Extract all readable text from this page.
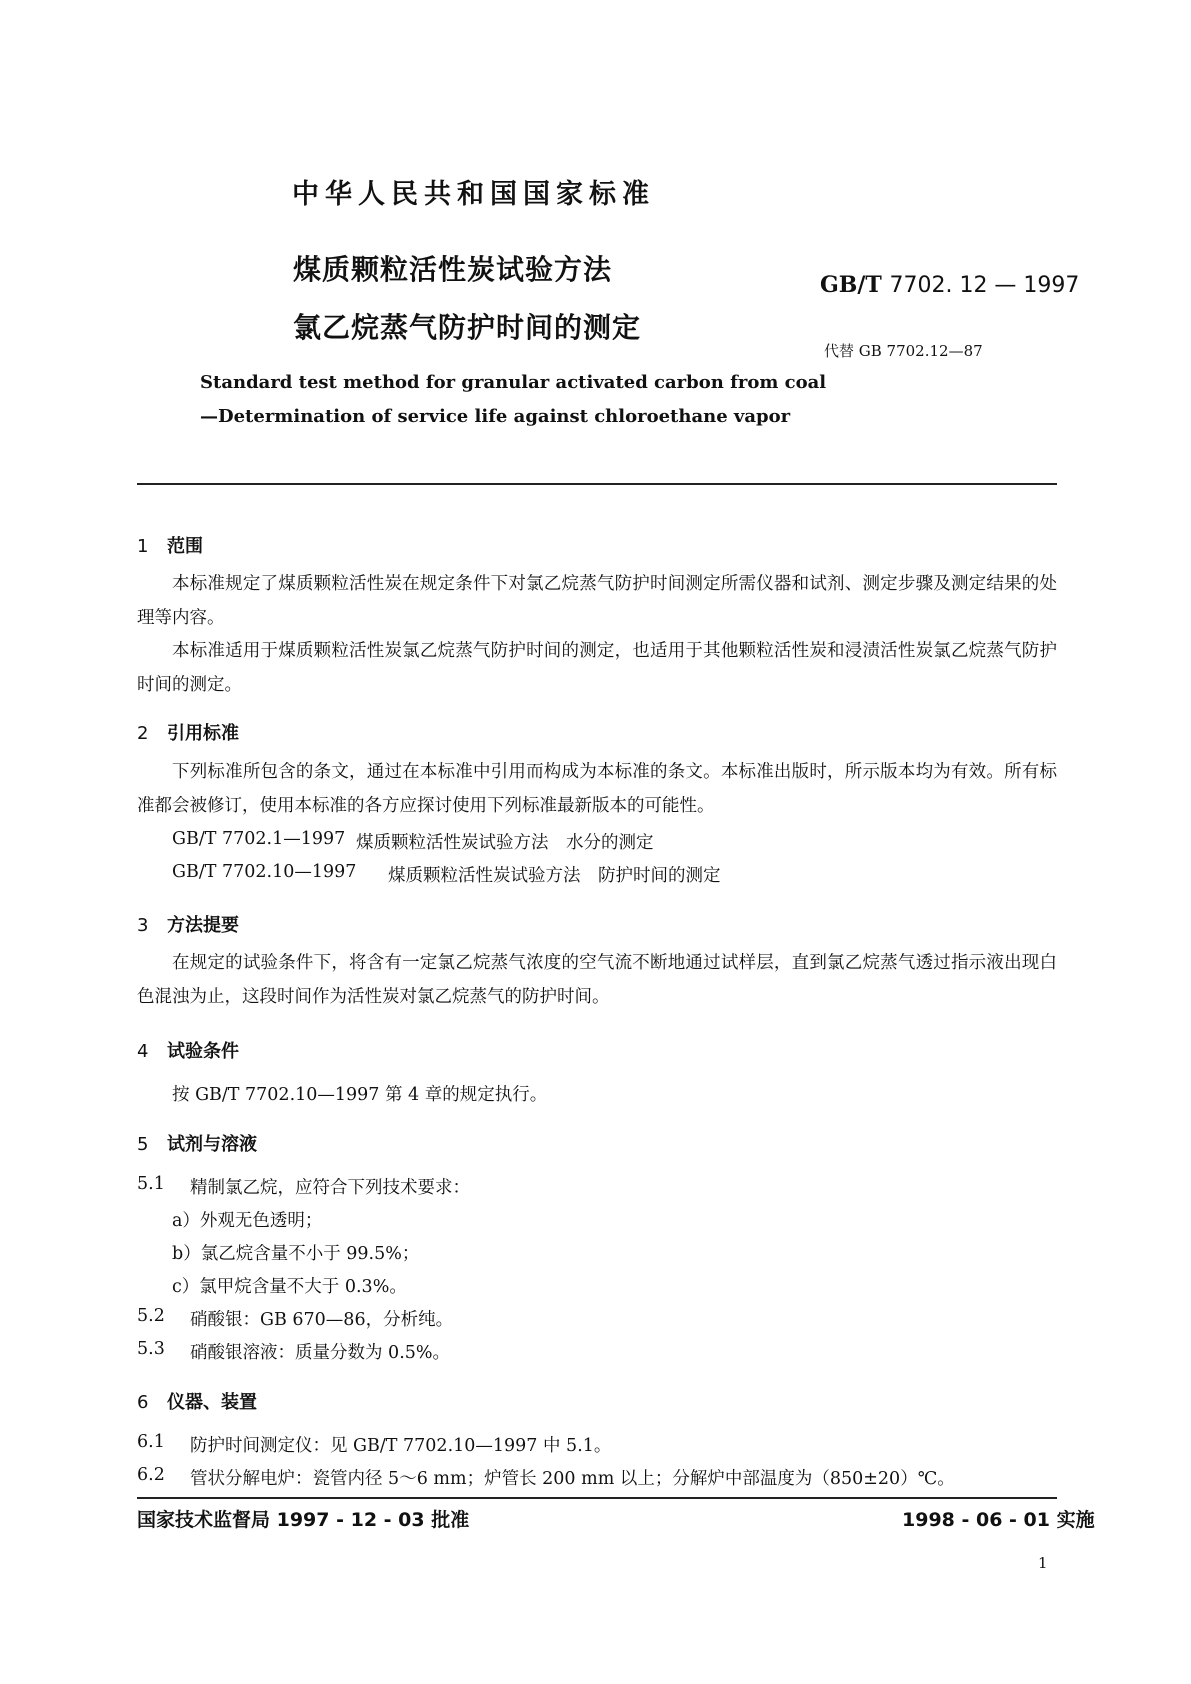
中华人民共和国国家标准
煤质颗粒活性炭试验方法
氯乙烷蒸气防护时间的测定
GB/T 7702. 12 — 1997
代替 GB 7702.12—87
Standard test method for granular activated carbon from coal
—Determination of service life against chloroethane vapor
1 范围
本标准规定了煤质颗粒活性炭在规定条件下对氯乙烷蒸气防护时间测定所需仪器和试剂、测定步骤及测定结果的处理等内容。
本标准适用于煤质颗粒活性炭氯乙烷蒸气防护时间的测定，也适用于其他颗粒活性炭和浸渍活性炭氯乙烷蒸气防护时间的测定。
2 引用标准
下列标准所包含的条文，通过在本标准中引用而构成为本标准的条文。本标准出版时，所示版本均为有效。所有标准都会被修订，使用本标准的各方应探讨使用下列标准最新版本的可能性。
GB/T 7702.1—1997 煤质颗粒活性炭试验方法　水分的测定
GB/T 7702.10—1997 煤质颗粒活性炭试验方法　防护时间的测定
3 方法提要
在规定的试验条件下，将含有一定氯乙烷蒸气浓度的空气流不断地通过试样层，直到氯乙烷蒸气透过指示液出现白色混浊为止，这段时间作为活性炭对氯乙烷蒸气的防护时间。
4 试验条件
按 GB/T 7702.10—1997 第 4 章的规定执行。
5 试剂与溶液
5.1 精制氯乙烷，应符合下列技术要求：
a）外观无色透明；
b）氯乙烷含量不小于 99.5%；
c）氯甲烷含量不大于 0.3%。
5.2 硝酸银：GB 670—86，分析纯。
5.3 硝酸银溶液：质量分数为 0.5%。
6 仪器、装置
6.1 防护时间测定仪：见 GB/T 7702.10—1997 中 5.1。
6.2 管状分解电炉：瓷管内径 5～6 mm；炉管长 200 mm 以上；分解炉中部温度为（850±20）℃。
国家技术监督局 1997 - 12 - 03 批准	1998 - 06 - 01 实施
1
